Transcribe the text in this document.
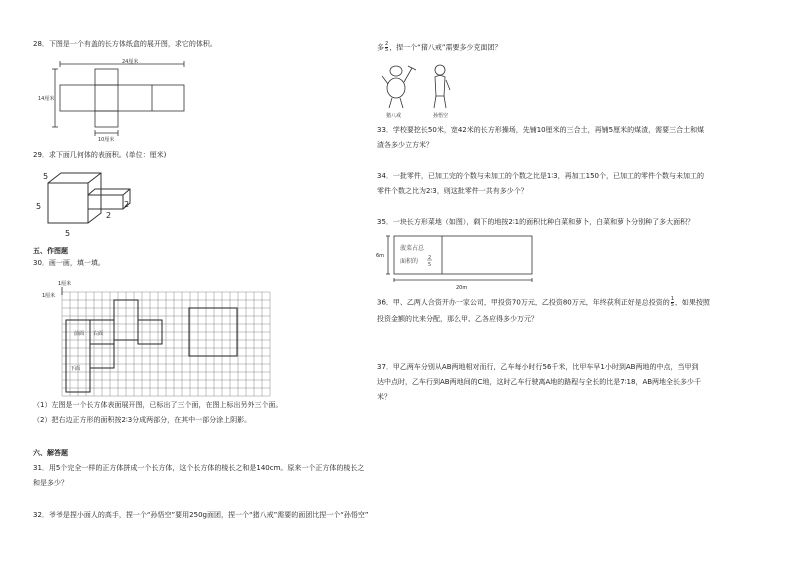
28．下图是一个有盖的长方体纸盒的展开图，求它的体积。
24厘米
14厘米
10厘米
29．求下面几何体的表面积。(单位：厘米)
5
5
5
2
2
五、作图题
30．画一画，填一填。
1厘米
1厘米
前面 右面
下面
（1）左图是一个长方体表面展开图，已标出了三个面，在图上标出另外三个面。
（2）把右边正方形的面积按2∶3分成两部分，在其中一部分涂上阴影。
六、解答题
31．用5个完全一样的正方体拼成一个长方体，这个长方体的棱长之和是140cm。原来一个正方体的棱长之
和是多少？
32．爷爷是捏小面人的高手，捏一个“孙悟空”要用250g面团，捏一个“猪八戒”需要的面团比捏一个“孙悟空”
多 $\frac{2}{5}$ ，捏一个“猪八戒”需要多少克面团？
猪八戒	孙悟空
33．学校要挖长50米，宽42米的长方形操场，先铺10厘米的三合土，再铺5厘米的煤渣，需要三合土和煤
渣各多少立方米？
34．一批零件，已加工完的个数与未加工的个数之比是1∶3，再加工150个，已加工的零件个数与未加工的
零件个数之比为2∶3，则这批零件一共有多少个？
35．一块长方形菜地（如图），剩下的地按2∶1的面积比种白菜和萝卜，白菜和萝卜分别种了多大面积？
菠菜占总
面积的 2
5
6m
20m
36．甲、乙两人合资开办一家公司，甲投资70万元，乙投资80万元，年终获利正好是总投资的 $\frac{1}{5}$ ，如果按照
投资金额的比来分配，那么甲、乙各应得多少万元？
37．甲乙两车分别从AB两地相对而行，乙车每小时行56千米，比甲车早1小时到AB两地的中点，当甲到
达中点时，乙车行到AB两地间的C地，这时乙车行驶离A地的路程与全长的比是7∶18，AB两地全长多少千
米？
